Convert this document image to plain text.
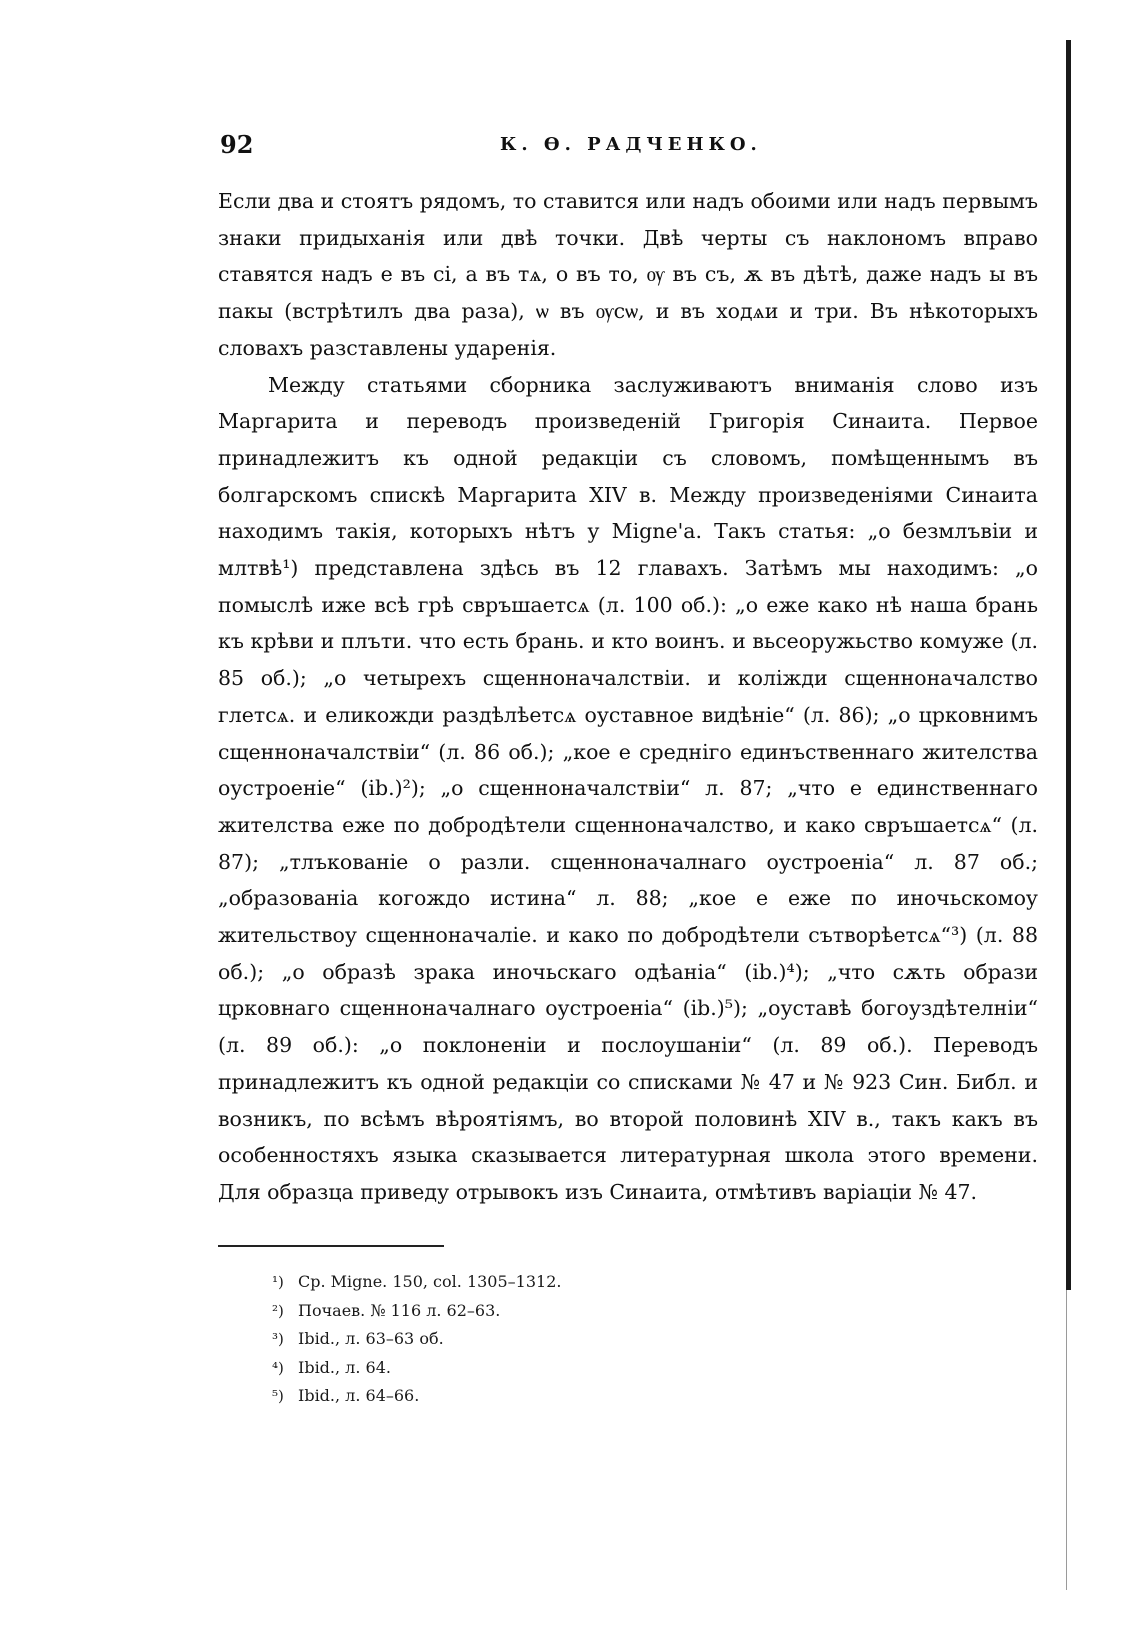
92	К. Ѳ. РАДЧЕНКО.

Если два и стоятъ рядомъ, то ставится или надъ обоими или надъ первымъ знаки придыханія или двѣ точки. Двѣ черты съ наклономъ вправо ставятся надъ е въ сі, а въ тѧ, о въ то, ѹ въ съ, ѫ въ дѣтѣ, даже надъ ы въ пакы (встрѣтилъ два раза), ѡ въ ѹсѡ, и въ ходѧи и три. Въ нѣкоторыхъ словахъ разставлены ударенія.

Между статьями сборника заслуживаютъ вниманія слово изъ Маргарита и переводъ произведеній Григорія Синаита. Первое принадлежитъ къ одной редакціи съ словомъ, помѣщеннымъ въ болгарскомъ спискѣ Маргарита XIV в. Между произведеніями Синаита находимъ такія, которыхъ нѣтъ у Migne'а. Такъ статья: „о безмлъвіи и млтвѣ¹) представлена здѣсь въ 12 главахъ. Затѣмъ мы находимъ: „о помыслѣ иже всѣ грѣ свръшаетсѧ (л. 100 об.): „о еже како нѣ наша брань къ крѣви и плъти. что есть брань. и кто воинъ. и вьсеоружьство комуже (л. 85 об.); „о четырехъ сщенноначалствіи. и коліжди сщенноначалство глетсѧ. и еликожди раздѣлѣетсѧ оуставное видѣніе“ (л. 86); „о црковнимъ сщенноначалствіи“ (л. 86 об.); „кое е средніго единъственнаго жителства оустроеніе“ (ib.)²); „о сщенноначалствіи“ л. 87; „что е единственнаго жителства еже по добродѣтели сщенноначалство, и како свръшаетсѧ“ (л. 87); „тлъкованіе о разли. сщенноначалнаго оустроеніа“ л. 87 об.; „образованіа когождо истина“ л. 88; „кое е еже по иночьскомоу жительствоу сщенноначаліе. и како по добродѣтели сътворѣетсѧ“³) (л. 88 об.); „о образѣ зрака иночьскаго одѣаніа“ (ib.)⁴); „что сѫть образи црковнаго сщенноначалнаго оустроеніа“ (ib.)⁵); „оуставѣ богоуздѣтелніи“ (л. 89 об.): „о поклоненіи и послоушаніи“ (л. 89 об.). Переводъ принадлежитъ къ одной редакціи со списками № 47 и № 923 Син. Библ. и возникъ, по всѣмъ вѣроятіямъ, во второй половинѣ XIV в., такъ какъ въ особенностяхъ языка сказывается литературная школа этого времени. Для образца приведу отрывокъ изъ Синаита, отмѣтивъ варіаціи № 47.

¹) Ср. Migne. 150, col. 1305–1312.
²) Почаев. № 116 л. 62–63.
³) Ibid., л. 63–63 об.
⁴) Ibid., л. 64.
⁵) Ibid., л. 64–66.
